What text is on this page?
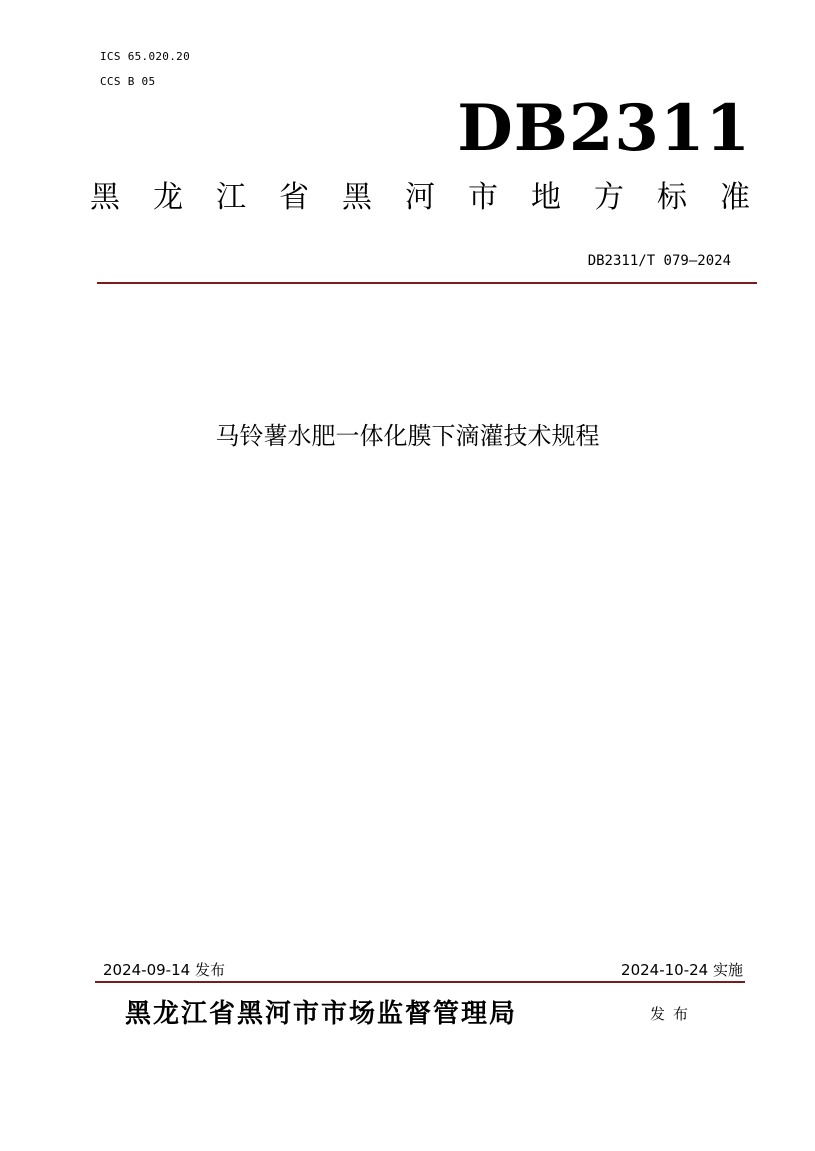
ICS 65.020.20
CCS B 05
DB2311
黑 龙 江 省 黑 河 市 地 方 标 准
DB2311/T 079—2024
马铃薯水肥一体化膜下滴灌技术规程
2024-09-14 发布	2024-10-24 实施
黑龙江省黑河市市场监督管理局	发布
